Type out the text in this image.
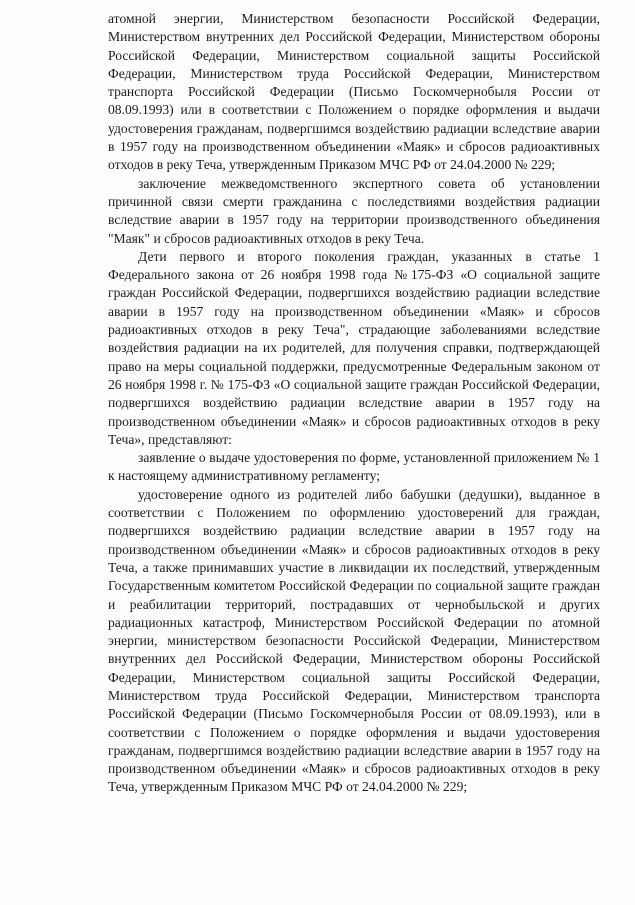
атомной энергии, Министерством безопасности Российской Федерации, Министерством внутренних дел Российской Федерации, Министерством обороны Российской Федерации, Министерством социальной защиты Российской Федерации, Министерством труда Российской Федерации, Министерством транспорта Российской Федерации (Письмо Госкомчернобыля России от 08.09.1993) или в соответствии с Положением о порядке оформления и выдачи удостоверения гражданам, подвергшимся воздействию радиации вследствие аварии в 1957 году на производственном объединении «Маяк» и сбросов радиоактивных отходов в реку Теча, утвержденным Приказом МЧС РФ от 24.04.2000 № 229;

заключение межведомственного экспертного совета об установлении причинной связи смерти гражданина с последствиями воздействия радиации вследствие аварии в 1957 году на территории производственного объединения "Маяк" и сбросов радиоактивных отходов в реку Теча.

Дети первого и второго поколения граждан, указанных в статье 1 Федерального закона от 26 ноября 1998 года №175-ФЗ «О социальной защите граждан Российской Федерации, подвергшихся воздействию радиации вследствие аварии в 1957 году на производственном объединении «Маяк» и сбросов радиоактивных отходов в реку Теча", страдающие заболеваниями вследствие воздействия радиации на их родителей, для получения справки, подтверждающей право на меры социальной поддержки, предусмотренные Федеральным законом от 26 ноября 1998 г. № 175-ФЗ «О социальной защите граждан Российской Федерации, подвергшихся воздействию радиации вследствие аварии в 1957 году на производственном объединении «Маяк» и сбросов радиоактивных отходов в реку Теча», представляют:

заявление о выдаче удостоверения по форме, установленной приложением № 1 к настоящему административному регламенту;

удостоверение одного из родителей либо бабушки (дедушки), выданное в соответствии с Положением по оформлению удостоверений для граждан, подвергшихся воздействию радиации вследствие аварии в 1957 году на производственном объединении «Маяк» и сбросов радиоактивных отходов в реку Теча, а также принимавших участие в ликвидации их последствий, утвержденным Государственным комитетом Российской Федерации по социальной защите граждан и реабилитации территорий, пострадавших от чернобыльской и других радиационных катастроф, Министерством Российской Федерации по атомной энергии, министерством безопасности Российской Федерации, Министерством внутренних дел Российской Федерации, Министерством обороны Российской Федерации, Министерством социальной защиты Российской Федерации, Министерством труда Российской Федерации, Министерством транспорта Российской Федерации (Письмо Госкомчернобыля России от 08.09.1993), или в соответствии с Положением о порядке оформления и выдачи удостоверения гражданам, подвергшимся воздействию радиации вследствие аварии в 1957 году на производственном объединении «Маяк» и сбросов радиоактивных отходов в реку Теча, утвержденным Приказом МЧС РФ от 24.04.2000 № 229;
